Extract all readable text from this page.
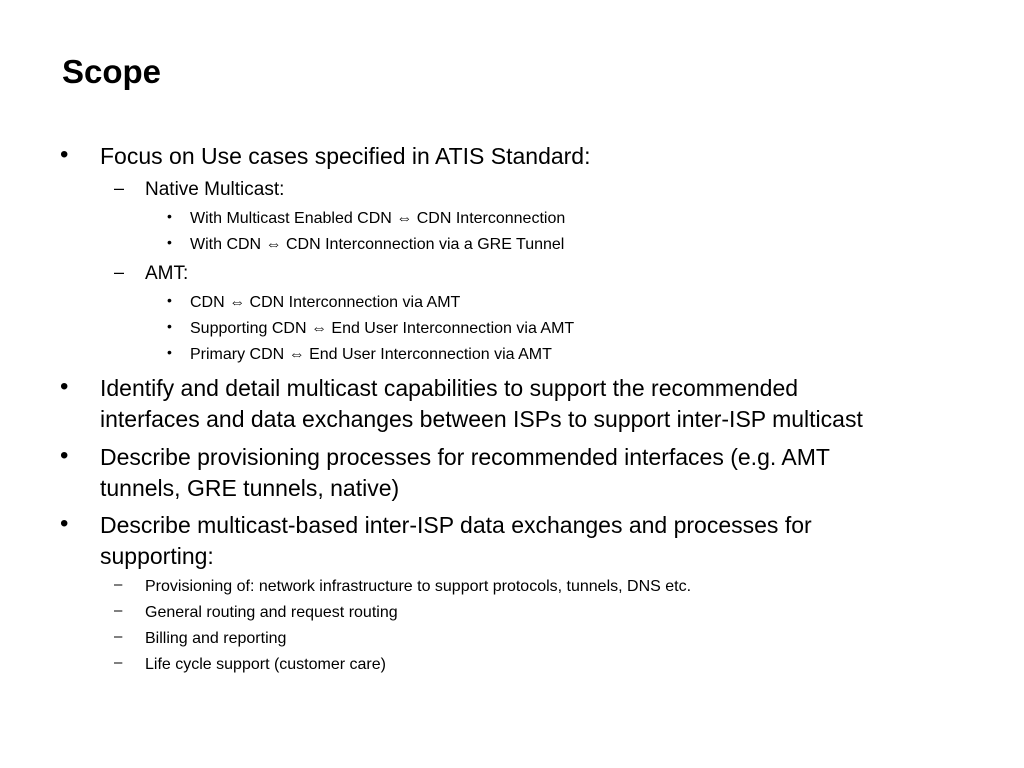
Scope
• Focus on Use cases specified in ATIS Standard:
– Native Multicast:
• With Multicast Enabled CDN ⇔ CDN Interconnection
• With CDN ⇔ CDN Interconnection via a GRE Tunnel
– AMT:
• CDN ⇔ CDN Interconnection via AMT
• Supporting CDN ⇔ End User Interconnection via AMT
• Primary CDN ⇔ End User Interconnection via AMT
• Identify and detail multicast capabilities to support the recommended
interfaces and data exchanges between ISPs to support inter-ISP multicast
• Describe provisioning processes for recommended interfaces (e.g. AMT
tunnels, GRE tunnels, native)
• Describe multicast-based inter-ISP data exchanges and processes for
supporting:
– Provisioning of: network infrastructure to support protocols, tunnels, DNS etc.
– General routing and request routing
– Billing and reporting
– Life cycle support (customer care)
